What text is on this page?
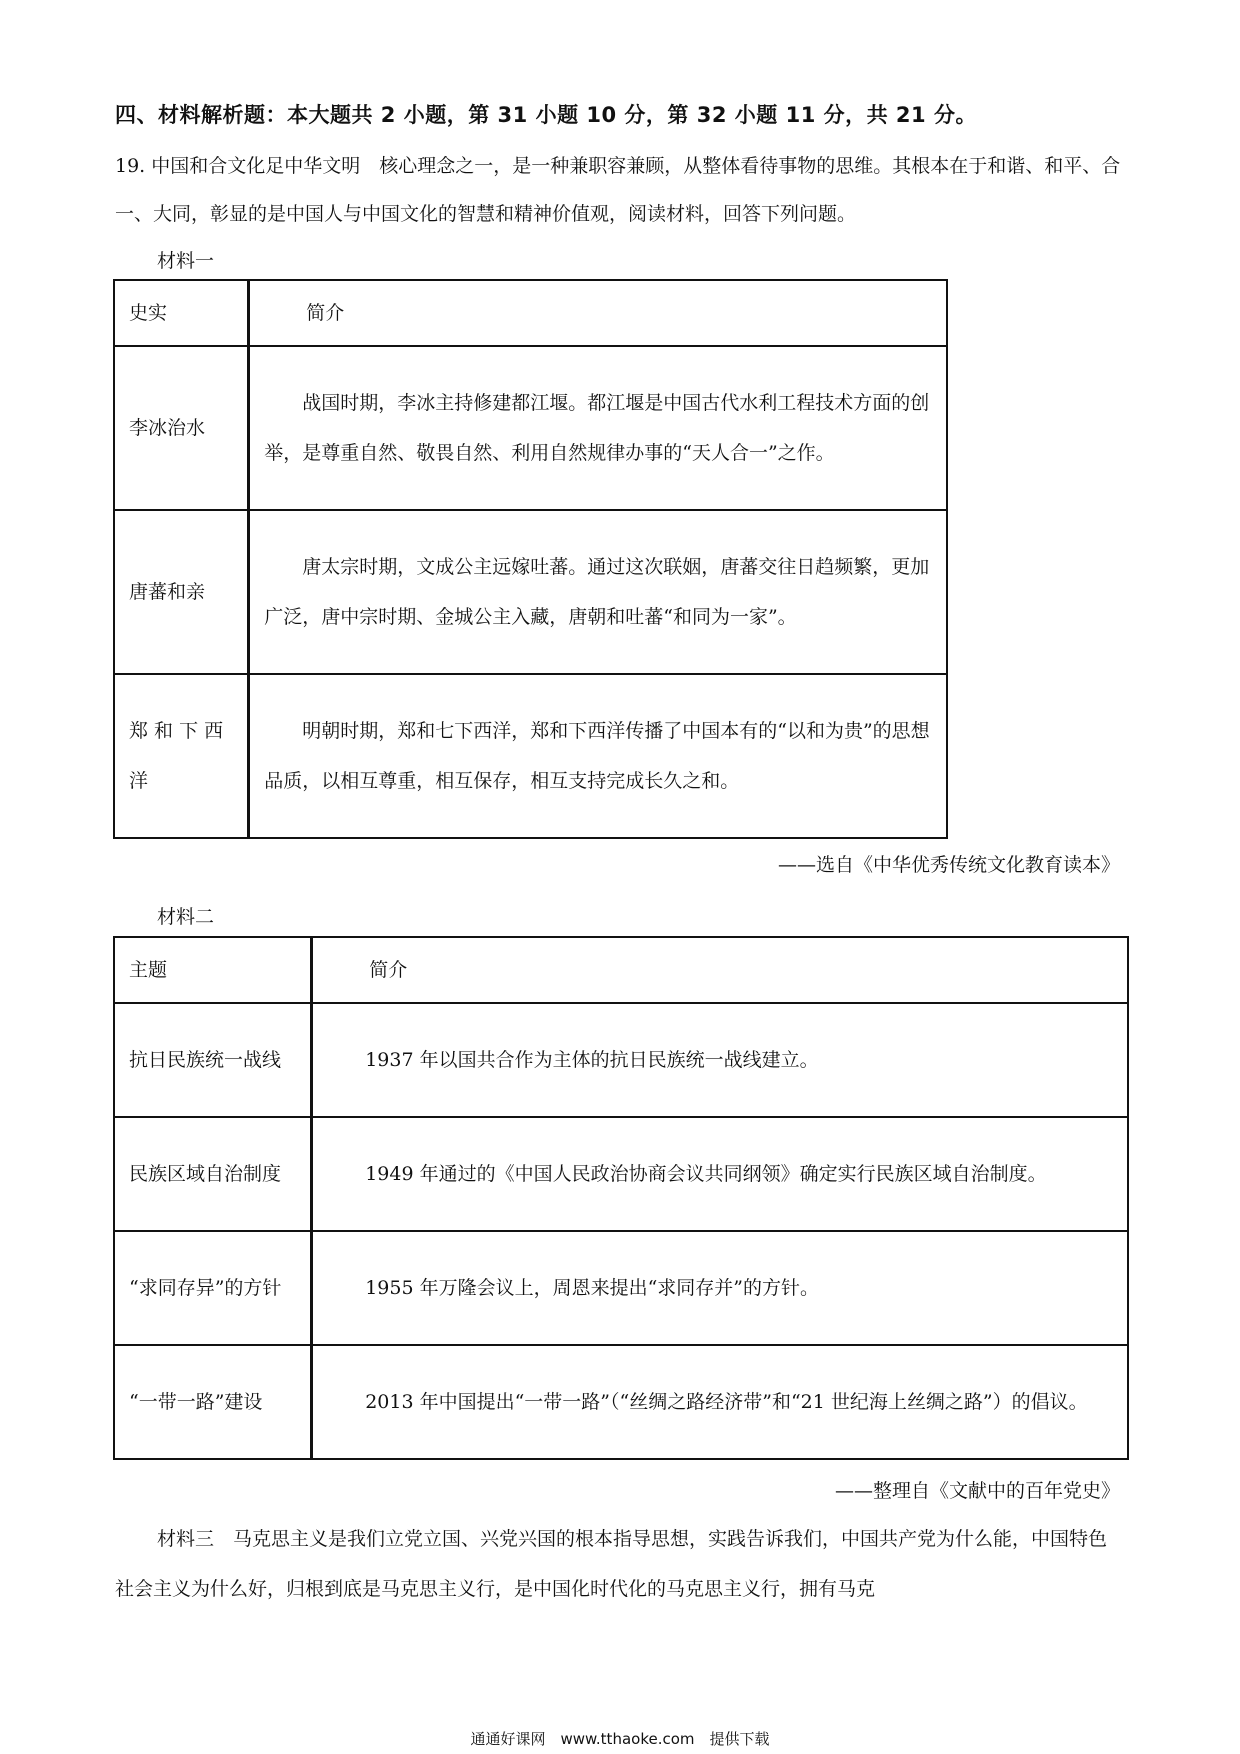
四、材料解析题：本大题共 2 小题，第 31 小题 10 分，第 32 小题 11 分，共 21 分。
19. 中国和合文化足中华文明　核心理念之一，是一种兼职容兼顾，从整体看待事物的思维。其根本在于和谐、和平、合一、大同，彰显的是中国人与中国文化的智慧和精神价值观，阅读材料，回答下列问题。
材料一
史实	简介
李冰治水	战国时期，李冰主持修建都江堰。都江堰是中国古代水利工程技术方面的创举，是尊重自然、敬畏自然、利用自然规律办事的“天人合一”之作。
唐蕃和亲	唐太宗时期，文成公主远嫁吐蕃。通过这次联姻，唐蕃交往日趋频繁，更加广泛，唐中宗时期、金城公主入藏，唐朝和吐蕃“和同为一家”。
郑 和 下 西 洋	明朝时期，郑和七下西洋，郑和下西洋传播了中国本有的“以和为贵”的思想品质，以相互尊重，相互保存，相互支持完成长久之和。
——选自《中华优秀传统文化教育读本》
材料二
主题	简介
抗日民族统一战线	1937 年以国共合作为主体的抗日民族统一战线建立。
民族区域自治制度	1949 年通过的《中国人民政治协商会议共同纲领》确定实行民族区域自治制度。
“求同存异”的方针	1955 年万隆会议上，周恩来提出“求同存并”的方针。
“一带一路”建设	2013 年中国提出“一带一路”（“丝绸之路经济带”和“21 世纪海上丝绸之路”）的倡议。
——整理自《文献中的百年党史》
材料三　马克思主义是我们立党立国、兴党兴国的根本指导思想，实践告诉我们，中国共产党为什么能，中国特色社会主义为什么好，归根到底是马克思主义行，是中国化时代化的马克思主义行，拥有马克
通通好课网　www.tthaoke.com　提供下载
